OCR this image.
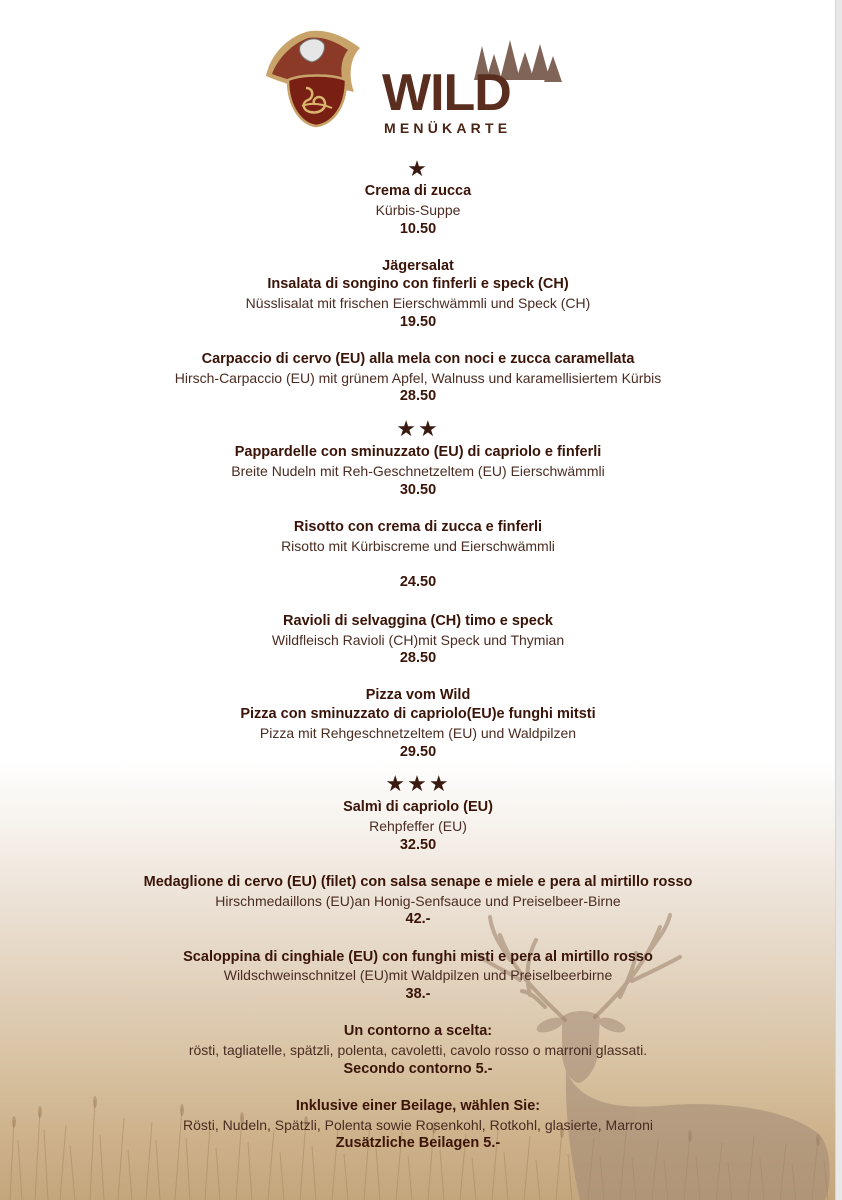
WILD
MENÜKARTE
★
Crema di zucca
Kürbis-Suppe
10.50
Jägersalat
Insalata di songino con finferli e speck (CH)
Nüsslisalat mit frischen Eierschwämmli und Speck (CH)
19.50
Carpaccio di cervo (EU) alla mela con noci e zucca caramellata
Hirsch-Carpaccio (EU) mit grünem Apfel, Walnuss und karamellisiertem Kürbis
28.50
★★
Pappardelle con sminuzzato (EU) di capriolo e finferli
Breite Nudeln mit Reh-Geschnetzeltem (EU) Eierschwämmli
30.50
Risotto con crema di zucca e finferli
Risotto mit Kürbiscreme und Eierschwämmli
24.50
Ravioli di selvaggina (CH) timo e speck
Wildfleisch Ravioli (CH)mit Speck und Thymian
28.50
Pizza vom Wild
Pizza con sminuzzato di capriolo(EU)e funghi mitsti
Pizza mit Rehgeschnetzeltem (EU) und Waldpilzen
29.50
★★★
Salmì di capriolo (EU)
Rehpfeffer (EU)
32.50
Medaglione di cervo (EU) (filet) con salsa senape e miele e pera al mirtillo rosso
Hirschmedaillons (EU)an Honig-Senfsauce und Preiselbeer-Birne
42.-
Scaloppina di cinghiale (EU) con funghi misti e pera al mirtillo rosso
Wildschweinschnitzel (EU)mit Waldpilzen und Preiselbeerbirne
38.-
Un contorno a scelta:
rösti, tagliatelle, spätzli, polenta, cavoletti, cavolo rosso o marroni glassati.
Secondo contorno 5.-
Inklusive einer Beilage, wählen Sie:
Rösti, Nudeln, Spätzli, Polenta sowie Rosenkohl, Rotkohl, glasierte, Marroni
Zusätzliche Beilagen 5.-
